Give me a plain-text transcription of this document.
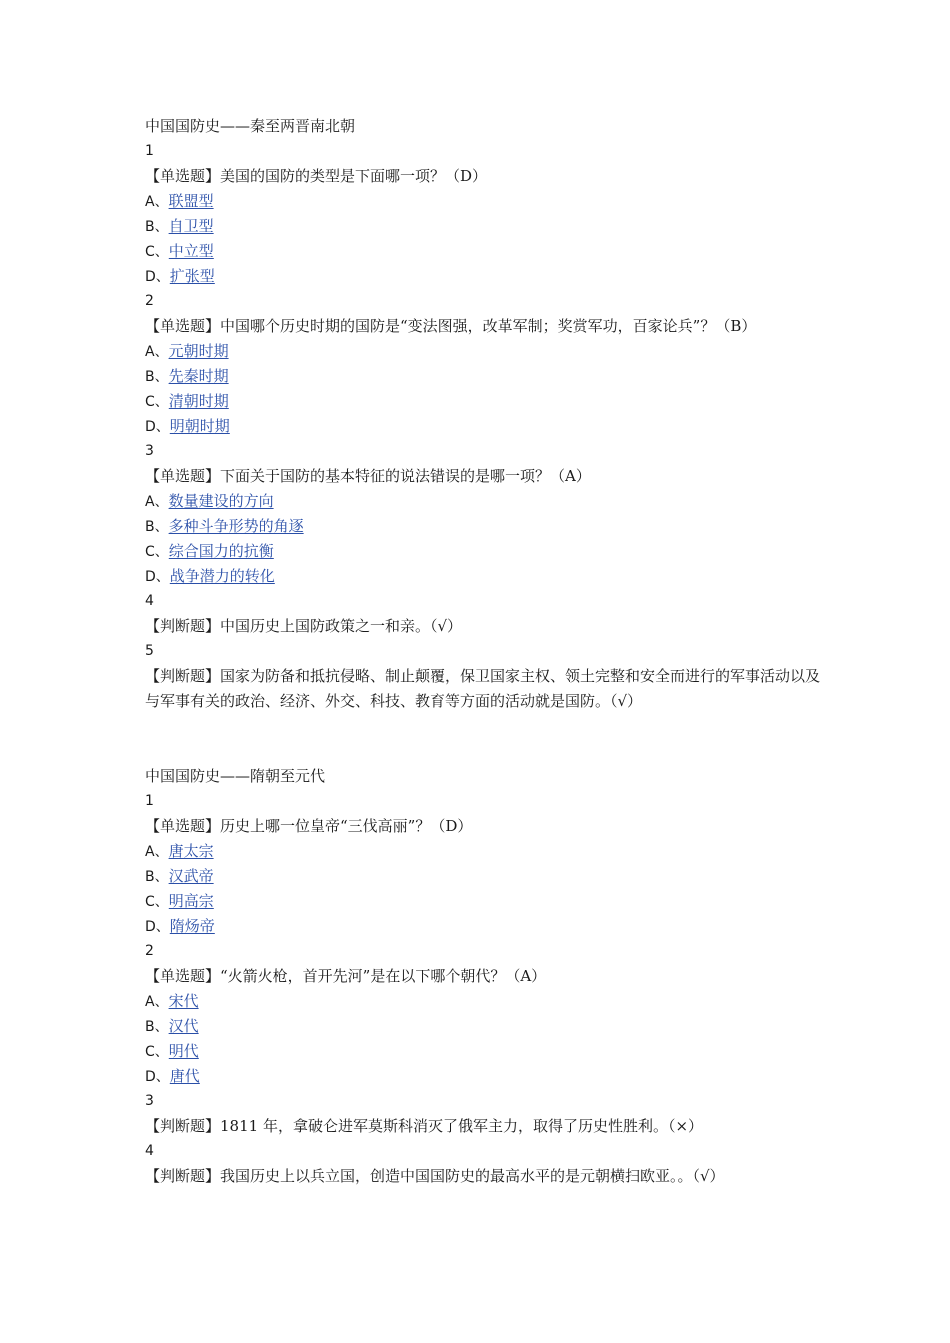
中国国防史——秦至两晋南北朝
1
【单选题】美国的国防的类型是下面哪一项？（D）
A、联盟型
B、自卫型
C、中立型
D、扩张型
2
【单选题】中国哪个历史时期的国防是“变法图强，改革军制；奖赏军功，百家论兵”？（B）
A、元朝时期
B、先秦时期
C、清朝时期
D、明朝时期
3
【单选题】下面关于国防的基本特征的说法错误的是哪一项？（A）
A、数量建设的方向
B、多种斗争形势的角逐
C、综合国力的抗衡
D、战争潜力的转化
4
【判断题】中国历史上国防政策之一和亲。（√）
5
【判断题】国家为防备和抵抗侵略、制止颠覆，保卫国家主权、领土完整和安全而进行的军事活动以及与军事有关的政治、经济、外交、科技、教育等方面的活动就是国防。（√）
中国国防史——隋朝至元代
1
【单选题】历史上哪一位皇帝“三伐高丽”？（D）
A、唐太宗
B、汉武帝
C、明高宗
D、隋炀帝
2
【单选题】“火箭火枪，首开先河”是在以下哪个朝代？（A）
A、宋代
B、汉代
C、明代
D、唐代
3
【判断题】1811 年，拿破仑进军莫斯科消灭了俄军主力，取得了历史性胜利。（×）
4
【判断题】我国历史上以兵立国，创造中国国防史的最高水平的是元朝横扫欧亚。。（√）
